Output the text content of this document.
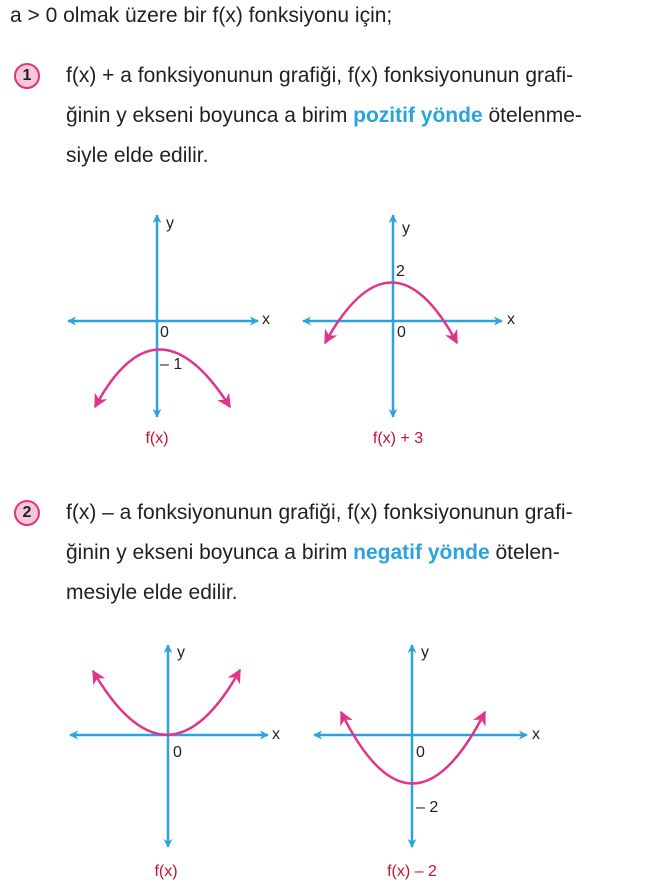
a > 0 olmak üzere bir f(x) fonksiyonu için;
1	f(x) + a fonksiyonunun grafiği, f(x) fonksiyonunun grafi-
ğinin y ekseni boyunca a birim pozitif yönde ötelenme-
siyle elde edilir.
2	f(x) – a fonksiyonunun grafiği, f(x) fonksiyonunun grafi-
ğinin y ekseni boyunca a birim negatif yönde ötelen-
mesiyle elde edilir.
y
x
0
– 1
f(x)
y
x
0
2
f(x) + 3
y
x
0
f(x)
y
x
0
– 2
f(x) – 2
